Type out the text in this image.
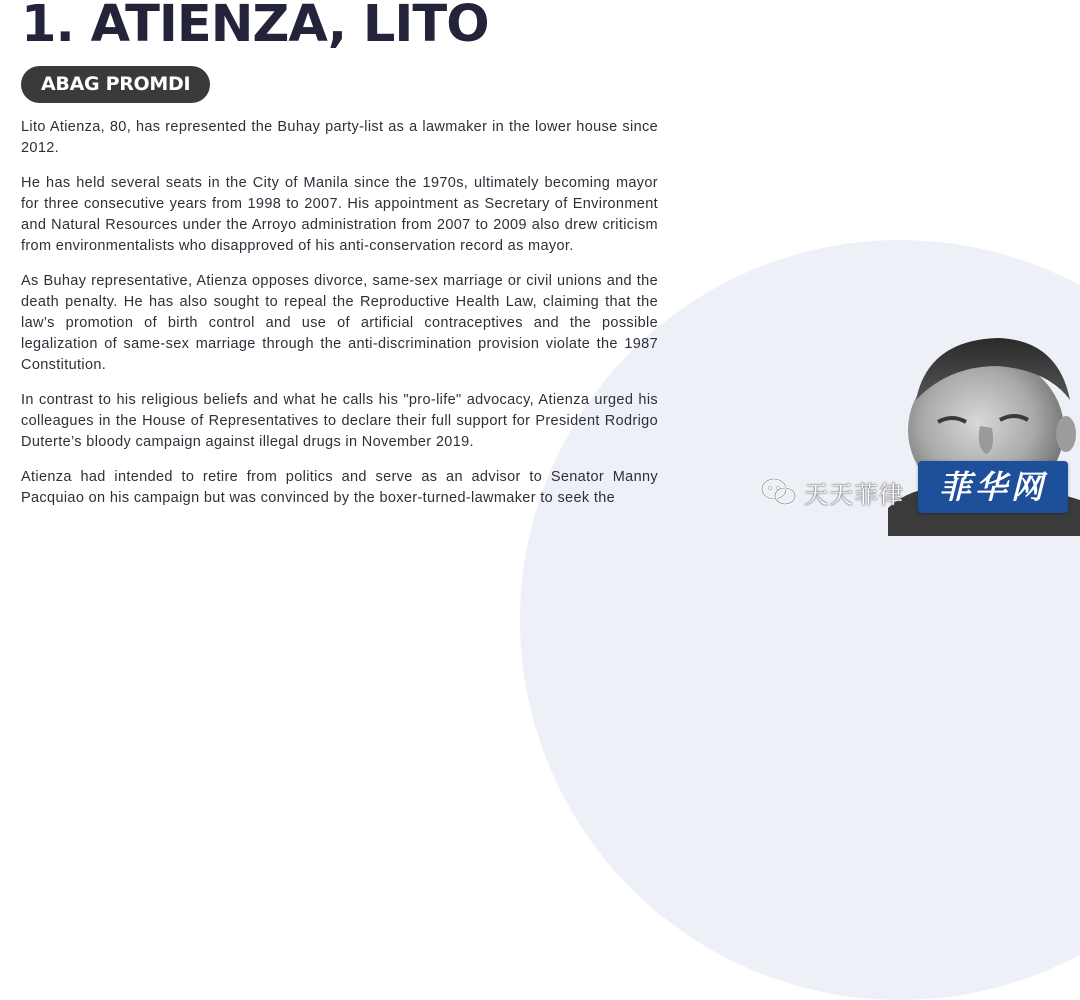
1. ATIENZA, LITO
ABAG PROMDI

Lito Atienza, 80, has represented the Buhay party-list as a lawmaker in the lower house since 2012.

He has held several seats in the City of Manila since the 1970s, ultimately becoming mayor for three consecutive years from 1998 to 2007. His appointment as Secretary of Environment and Natural Resources under the Arroyo administration from 2007 to 2009 also drew criticism from environmentalists who disapproved of his anti-conservation record as mayor.

As Buhay representative, Atienza opposes divorce, same-sex marriage or civil unions and the death penalty. He has also sought to repeal the Reproductive Health Law, claiming that the law’s promotion of birth control and use of artificial contraceptives and the possible legalization of same-sex marriage through the anti-discrimination provision violate the 1987 Constitution.

In contrast to his religious beliefs and what he calls his "pro-life" advocacy, Atienza urged his colleagues in the House of Representatives to declare their full support for President Rodrigo Duterte’s bloody campaign against illegal drugs in November 2019.

Atienza had intended to retire from politics and serve as an advisor to Senator Manny Pacquiao on his campaign but was convinced by the boxer-turned-lawmaker to seek the	天天菲律	菲华网
